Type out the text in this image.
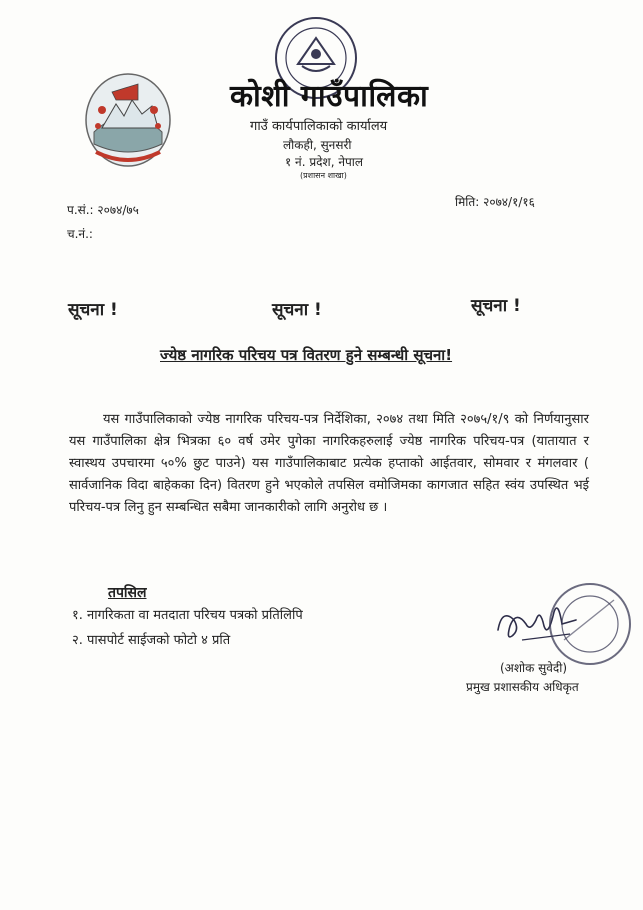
कोशी गाउँपालिका
गाउँ कार्यपालिकाको कार्यालय
लौकही, सुनसरी
१ नं. प्रदेश, नेपाल
(प्रशासन शाखा)
प.सं.: २०७४/७५
च.नं.:
मिति: २०७४/१/१६
सूचना !	सूचना !	सूचना !
ज्येष्ठ नागरिक परिचय पत्र वितरण हुने सम्बन्धी सूचना!

यस गाउँपालिकाको ज्येष्ठ नागरिक परिचय-पत्र निर्देशिका, २०७४ तथा मिति २०७५/१/९ को निर्णयानुसार यस गाउँपालिका क्षेत्र भित्रका ६० वर्ष उमेर पुगेका नागरिकहरुलाई ज्येष्ठ नागरिक परिचय-पत्र (यातायात र स्वास्थय उपचारमा ५०% छुट पाउने) यस गाउँपालिकाबाट प्रत्येक हप्ताको आईतवार, सोमवार र मंगलवार ( सार्वजानिक विदा बाहेकका दिन) वितरण हुने भएकोले तपसिल वमोजिमका कागजात सहित स्वंय उपस्थित भई परिचय-पत्र लिनु हुन सम्बन्धित सबैमा जानकारीको लागि अनुरोध छ ।

तपसिल
१. नागरिकता वा मतदाता परिचय पत्रको प्रतिलिपि
२. पासपोर्ट साईजको फोटो ४ प्रति
(अशोक सुवेदी)
प्रमुख प्रशासकीय अधिकृत
